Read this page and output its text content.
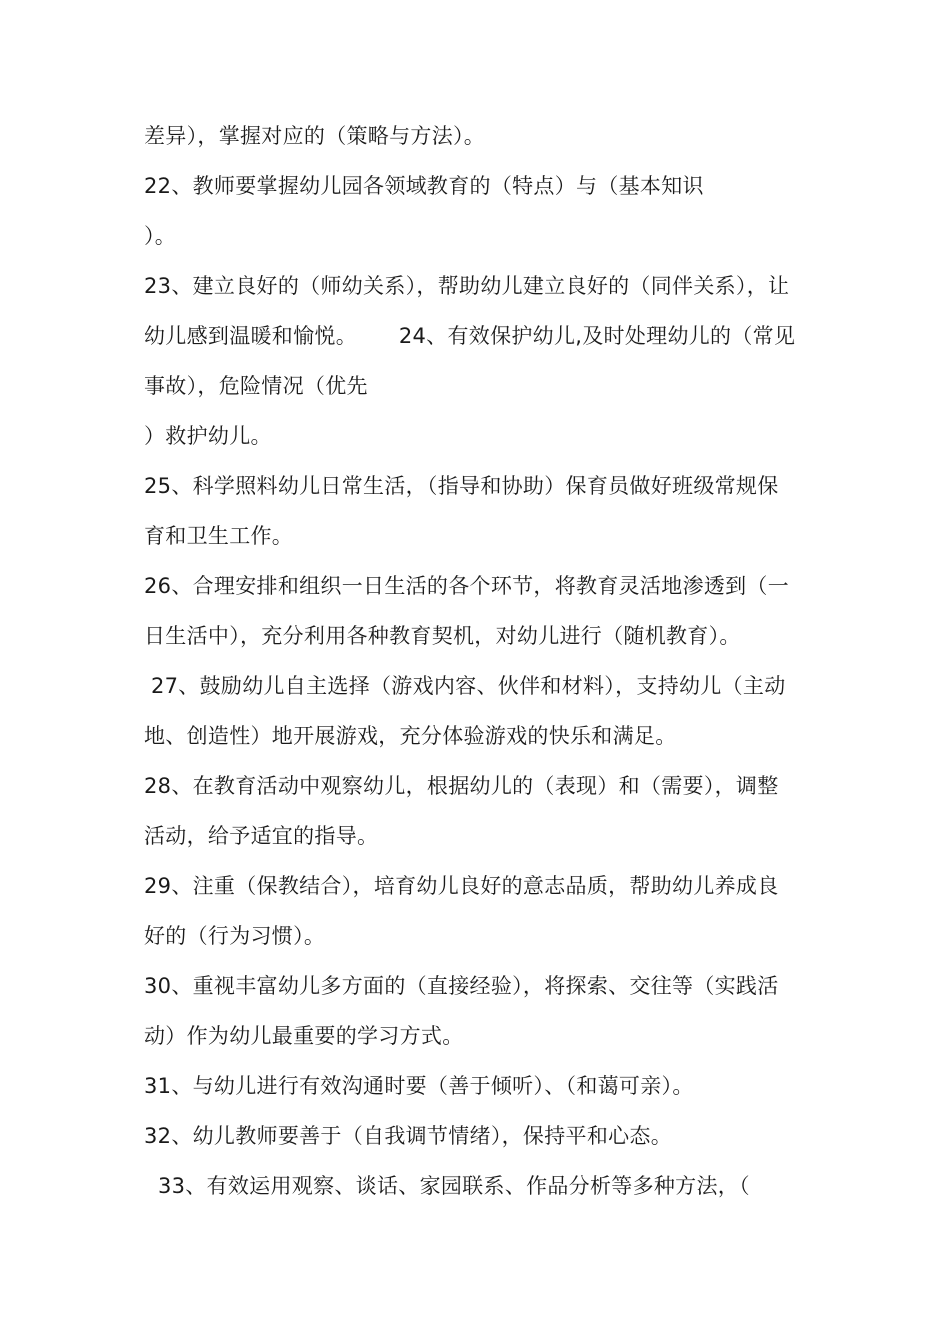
差异），掌握对应的（策略与方法）。
22、教师要掌握幼儿园各领域教育的（特点）与（基本知识
）。
23、建立良好的（师幼关系），帮助幼儿建立良好的（同伴关系），让
幼儿感到温暖和愉悦。      24、有效保护幼儿,及时处理幼儿的（常见
事故），危险情况（优先
）救护幼儿。
25、科学照料幼儿日常生活，（指导和协助）保育员做好班级常规保
育和卫生工作。
26、合理安排和组织一日生活的各个环节，将教育灵活地渗透到（一
日生活中），充分利用各种教育契机，对幼儿进行（随机教育）。
27、鼓励幼儿自主选择（游戏内容、伙伴和材料），支持幼儿（主动
地、创造性）地开展游戏，充分体验游戏的快乐和满足。
28、在教育活动中观察幼儿，根据幼儿的（表现）和（需要），调整
活动，给予适宜的指导。
29、注重（保教结合），培育幼儿良好的意志品质，帮助幼儿养成良
好的（行为习惯）。
30、重视丰富幼儿多方面的（直接经验），将探索、交往等（实践活
动）作为幼儿最重要的学习方式。
31、与幼儿进行有效沟通时要（善于倾听）、（和蔼可亲）。
32、幼儿教师要善于（自我调节情绪），保持平和心态。
33、有效运用观察、谈话、家园联系、作品分析等多种方法，（
